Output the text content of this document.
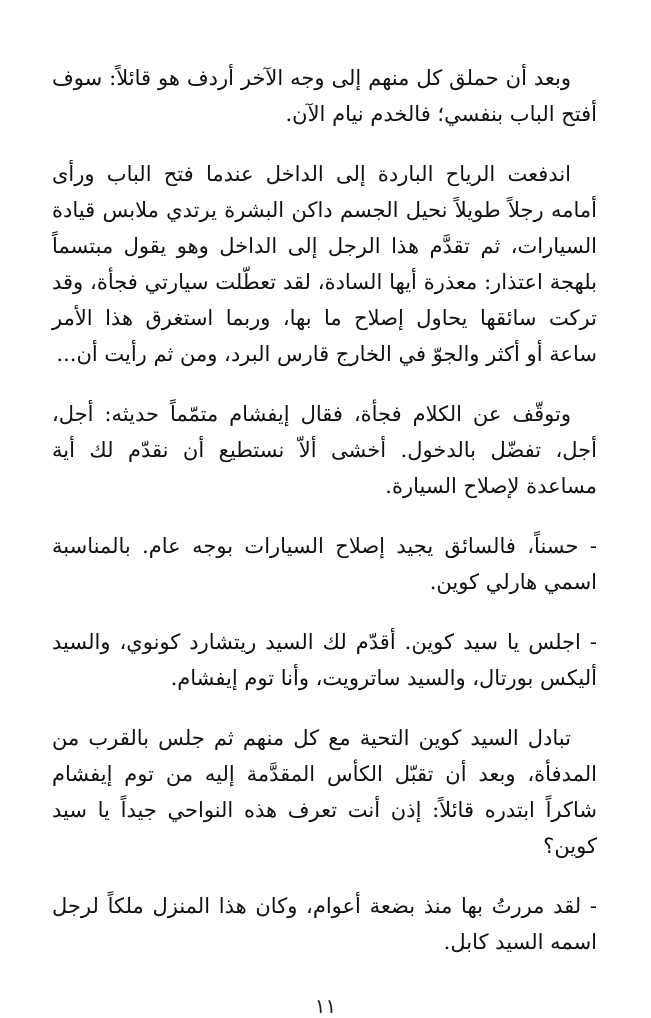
وبعد أن حملق كل منهم إلى وجه الآخر أردف هو قائلاً: سوف أفتح الباب بنفسي؛ فالخدم نيام الآن.

اندفعت الرياح الباردة إلى الداخل عندما فتح الباب ورأى أمامه رجلاً طويلاً نحيل الجسم داكن البشرة يرتدي ملابس قيادة السيارات، ثم تقدَّم هذا الرجل إلى الداخل وهو يقول مبتسماً بلهجة اعتذار: معذرة أيها السادة، لقد تعطّلت سيارتي فجأة، وقد تركت سائقها يحاول إصلاح ما بها، وربما استغرق هذا الأمر ساعة أو أكثر والجوّ في الخارج قارس البرد، ومن ثم رأيت أن...

وتوقّف عن الكلام فجأة، فقال إيفشام متمّماً حديثه: أجل، أجل، تفضّل بالدخول. أخشى ألاّ نستطيع أن نقدّم لك أية مساعدة لإصلاح السيارة.

- حسناً، فالسائق يجيد إصلاح السيارات بوجه عام. بالمناسبة اسمي هارلي كوين.

- اجلس يا سيد كوين. أقدّم لك السيد ريتشارد كونوي، والسيد أليكس بورتال، والسيد ساترويت، وأنا توم إيفشام.

تبادل السيد كوين التحية مع كل منهم ثم جلس بالقرب من المدفأة، وبعد أن تقبّل الكأس المقدَّمة إليه من توم إيفشام شاكراً ابتدره قائلاً: إذن أنت تعرف هذه النواحي جيداً يا سيد كوين؟

- لقد مررتُ بها منذ بضعة أعوام، وكان هذا المنزل ملكاً لرجل اسمه السيد كابل.

١١
